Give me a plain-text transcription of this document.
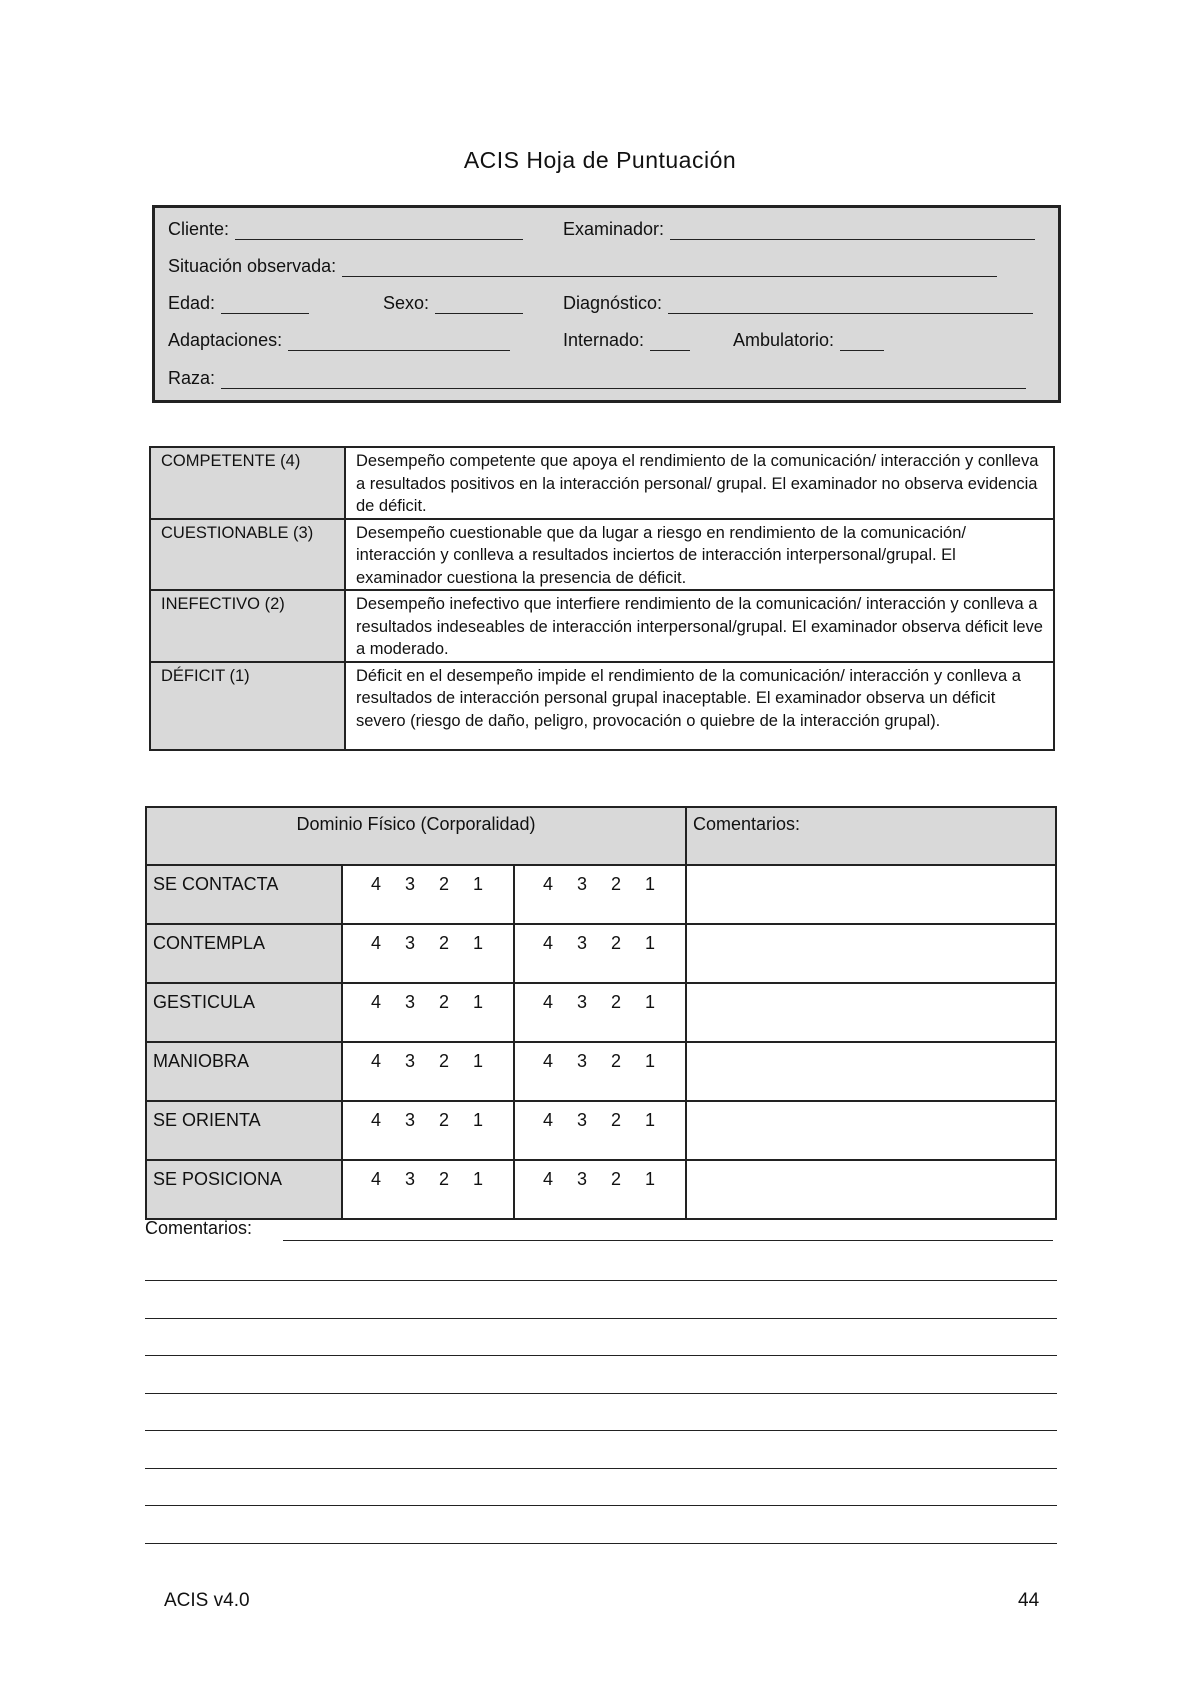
ACIS Hoja de Puntuación
Cliente:	Examinador:
Situación observada:
Edad:	Sexo:	Diagnóstico:
Adaptaciones:	Internado:	Ambulatorio:
Raza:
COMPETENTE (4)	Desempeño competente que apoya el rendimiento de la comunicación/ interacción y conlleva a resultados positivos en la interacción personal/ grupal. El examinador no observa evidencia de déficit.
CUESTIONABLE (3)	Desempeño cuestionable que da lugar a riesgo en rendimiento de la comunicación/ interacción y conlleva a resultados inciertos de interacción interpersonal/grupal. El examinador cuestiona la presencia de déficit.
INEFECTIVO (2)	Desempeño inefectivo que interfiere rendimiento de la comunicación/ interacción y conlleva a resultados indeseables de interacción interpersonal/grupal. El examinador observa déficit leve a moderado.
DÉFICIT (1)	Déficit en el desempeño impide el rendimiento de la comunicación/ interacción y conlleva a resultados de interacción personal grupal inaceptable. El examinador observa un déficit severo (riesgo de daño, peligro, provocación o quiebre de la interacción grupal).
Dominio Físico (Corporalidad)			Comentarios:
SE CONTACTA	4 3 2 1	4 3 2 1	

CONTEMPLA	4 3 2 1	4 3 2 1	

GESTICULA	4 3 2 1	4 3 2 1	

MANIOBRA	4 3 2 1	4 3 2 1	

SE ORIENTA	4 3 2 1	4 3 2 1	

SE POSICIONA	4 3 2 1	4 3 2 1	

Comentarios:
ACIS v4.0	44
